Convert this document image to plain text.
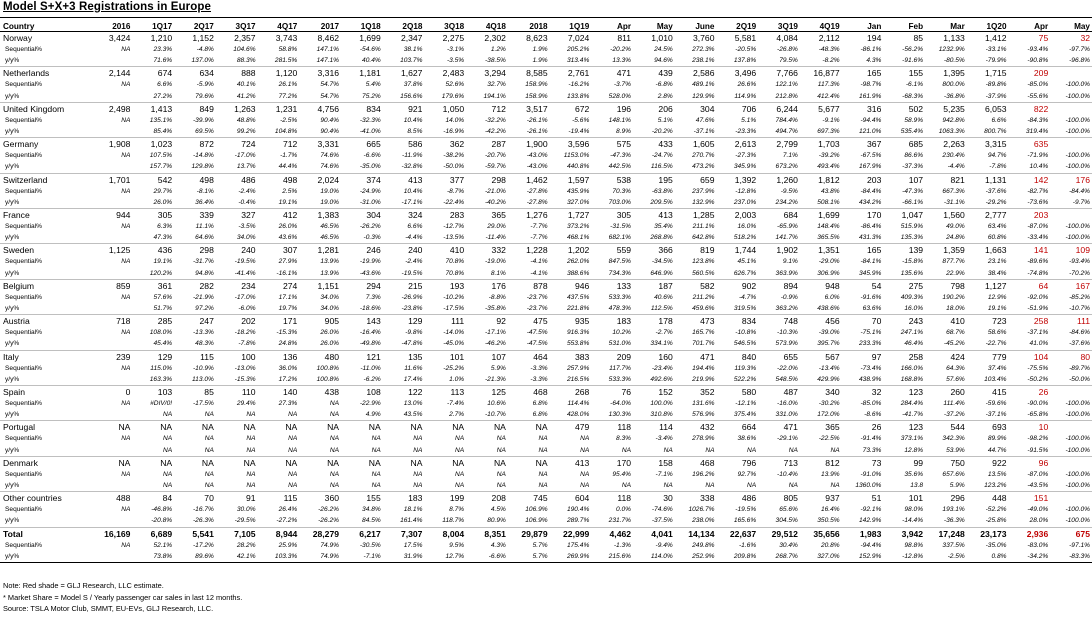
Model S+X+3 Registrations in Europe
Country	2016	1Q17	2Q17	3Q17	4Q17	2017	1Q18	2Q18	3Q18	4Q18	2018	1Q19	Apr	May	June	2Q19	3Q19	4Q19	Jan	Feb	Mar	1Q20	Apr	May
Norway	3,424	1,210	1,152	2,357	3,743	8,462	1,699	2,347	2,275	2,302	8,623	7,024	811	1,010	3,760	5,581	4,084	2,112	194	85	1,133	1,412	75	32
Sequential%	NA	23.3%	-4.8%	104.6%	58.8%	147.1%	-54.6%	38.1%	-3.1%	1.2%	1.9%	205.2%	-20.2%	24.5%	272.3%	-20.5%	-26.8%	-48.3%	-86.1%	-56.2%	1232.9%	-33.1%	-93.4%	-97.7%
y/y%		71.6%	137.0%	88.3%	281.5%	147.1%	40.4%	103.7%	-3.5%	-38.5%	1.9%	313.4%	13.3%	94.6%	238.1%	137.8%	79.5%	-8.2%	4.3%	-91.6%	-80.5%	-79.9%	-90.8%	-96.8%
Netherlands	2,144	674	634	888	1,120	3,316	1,181	1,627	2,483	3,294	8,585	2,761	471	439	2,586	3,496	7,766	16,877	165	155	1,395	1,715	209	
Sequential%	NA	6.6%	-5.9%	40.1%	26.1%	54.7%	5.4%	37.8%	52.6%	32.7%	158.9%	-16.2%	-3.7%	-6.8%	489.1%	26.6%	122.1%	117.3%	-98.7%	-6.1%	800.0%	-89.8%	-85.0%	-100.0%
y/y%		27.2%	79.6%	41.2%	77.2%	54.7%	75.2%	156.6%	179.6%	194.1%	158.9%	133.8%	528.0%	2.8%	129.9%	114.9%	212.8%	412.4%	161.9%	-68.3%	-36.8%	-37.9%	-55.6%	-100.0%
United Kingdom	2,498	1,413	849	1,263	1,231	4,756	834	921	1,050	712	3,517	672	196	206	304	706	6,244	5,677	316	502	5,235	6,053	822	
Sequential%	NA	135.1%	-39.9%	48.8%	-2.5%	90.4%	-32.3%	10.4%	14.0%	-32.2%	-26.1%	-5.6%	148.1%	5.1%	47.6%	5.1%	784.4%	-9.1%	-94.4%	58.9%	942.8%	6.6%	-84.3%	-100.0%
y/y%		85.4%	69.5%	99.2%	104.8%	90.4%	-41.0%	8.5%	-16.9%	-42.2%	-26.1%	-19.4%	8.9%	-20.2%	-37.1%	-23.3%	494.7%	697.3%	121.0%	535.4%	1063.3%	800.7%	319.4%	-100.0%
Germany	1,908	1,023	872	724	712	3,331	665	586	362	287	1,900	3,596	575	433	1,605	2,613	2,799	1,703	367	685	2,263	3,315	635	
Sequential%	NA	107.5%	-14.8%	-17.0%	-1.7%	74.6%	-6.6%	-11.9%	-38.2%	-20.7%	-43.0%	1153.0%	-47.3%	-24.7%	270.7%	-27.3%	7.1%	-39.2%	-67.5%	86.6%	230.4%	94.7%	-71.9%	-100.0%
y/y%		157.7%	129.8%	13.7%	44.4%	74.6%	-35.0%	-32.8%	-50.0%	-59.7%	-43.0%	440.8%	442.5%	116.5%	473.2%	345.9%	673.2%	493.4%	167.9%	-37.3%	-4.4%	-7.8%	10.4%	-100.0%
Switzerland	1,701	542	498	486	498	2,024	374	413	377	298	1,462	1,597	538	195	659	1,392	1,260	1,812	203	107	821	1,131	142	176
Sequential%	NA	29.7%	-8.1%	-2.4%	2.5%	19.0%	-24.9%	10.4%	-8.7%	-21.0%	-27.8%	435.9%	70.3%	-63.8%	237.9%	-12.8%	-9.5%	43.8%	-84.4%	-47.3%	667.3%	-37.6%	-82.7%	-84.4%
y/y%		26.0%	36.4%	-0.4%	19.1%	19.0%	-31.0%	-17.1%	-22.4%	-40.2%	-27.8%	327.0%	703.0%	209.5%	132.9%	237.0%	234.2%	508.1%	434.2%	-66.1%	-31.1%	-29.2%	-73.6%	-9.7%
France	944	305	339	327	412	1,383	304	324	283	365	1,276	1,727	305	413	1,285	2,003	684	1,699	170	1,047	1,560	2,777	203	
Sequential%	NA	6.3%	11.1%	-3.5%	26.0%	46.5%	-26.2%	6.6%	-12.7%	29.0%	-7.7%	373.2%	-31.5%	35.4%	211.1%	16.0%	-65.9%	148.4%	-86.4%	515.9%	49.0%	63.4%	-87.0%	-100.0%
y/y%		47.3%	64.6%	34.0%	43.6%	46.5%	-0.3%	-4.4%	-13.5%	-11.4%	-7.7%	468.1%	682.1%	268.8%	642.8%	518.2%	141.7%	365.5%	431.3%	135.3%	24.8%	60.8%	-33.4%	-100.0%
Sweden	1,125	436	298	240	307	1,281	246	240	410	332	1,228	1,202	559	366	819	1,744	1,902	1,351	165	139	1,359	1,663	141	109
Sequential%	NA	19.1%	-31.7%	-19.5%	27.9%	13.9%	-19.9%	-2.4%	70.8%	-19.0%	-4.1%	262.0%	847.5%	-34.5%	123.8%	45.1%	9.1%	-29.0%	-84.1%	-15.8%	877.7%	23.1%	-89.6%	-93.4%
y/y%		120.2%	94.8%	-41.4%	-16.1%	13.9%	-43.6%	-19.5%	70.8%	8.1%	-4.1%	388.6%	734.3%	646.9%	560.5%	626.7%	363.9%	306.9%	345.9%	135.6%	22.9%	38.4%	-74.8%	-70.2%
Belgium	859	361	282	234	274	1,151	294	215	193	176	878	946	133	187	582	902	894	948	54	275	798	1,127	64	167
Sequential%	NA	57.6%	-21.9%	-17.0%	17.1%	34.0%	7.3%	-26.9%	-10.2%	-8.8%	-23.7%	437.5%	533.3%	40.6%	211.2%	-4.7%	-0.9%	6.0%	-91.6%	409.3%	190.2%	12.9%	-92.0%	-85.2%
y/y%		51.7%	97.2%	-6.0%	19.7%	34.0%	-18.6%	-23.8%	-17.5%	-35.8%	-23.7%	221.8%	478.3%	112.5%	459.6%	319.5%	363.2%	438.6%	63.6%	16.0%	18.0%	19.1%	-51.9%	-10.7%
Austria	718	285	247	202	171	905	143	129	111	92	475	935	183	178	473	834	748	456	70	243	410	723	258	111
Sequential%	NA	108.0%	-13.3%	-18.2%	-15.3%	26.0%	-16.4%	-9.8%	-14.0%	-17.1%	-47.5%	916.3%	10.2%	-2.7%	165.7%	-10.8%	-10.3%	-39.0%	-75.1%	247.1%	68.7%	58.6%	-37.1%	-84.6%
y/y%		45.4%	48.3%	-7.8%	24.8%	26.0%	-49.8%	-47.8%	-45.0%	-46.2%	-47.5%	553.8%	531.0%	334.1%	701.7%	546.5%	573.9%	395.7%	233.3%	46.4%	-45.2%	-22.7%	41.0%	-37.6%
Italy	239	129	115	100	136	480	121	135	101	107	464	383	209	160	471	840	655	567	97	258	424	779	104	80
Sequential%	NA	115.0%	-10.9%	-13.0%	36.0%	100.8%	-11.0%	11.6%	-25.2%	5.9%	-3.3%	257.9%	117.7%	-23.4%	194.4%	119.3%	-22.0%	-13.4%	-73.4%	166.0%	64.3%	37.4%	-75.5%	-89.7%
y/y%		163.3%	113.0%	-15.3%	17.2%	100.8%	-6.2%	17.4%	1.0%	-21.3%	-3.3%	216.5%	533.3%	492.6%	219.9%	522.2%	548.5%	429.9%	438.9%	168.8%	57.6%	103.4%	-50.2%	-50.0%
Spain	0	103	85	110	140	438	108	122	113	125	468	268	76	152	352	580	487	340	32	123	260	415	26	
Sequential%	NA	#DIV/0!	-17.5%	29.4%	27.3%	NA	-22.9%	13.0%	-7.4%	10.6%	6.8%	114.4%	-64.0%	100.0%	131.6%	-12.1%	-16.0%	-30.2%	-85.0%	284.4%	111.4%	-59.6%	-90.0%	-100.0%
y/y%		NA	NA	NA	NA	NA	4.9%	43.5%	2.7%	-10.7%	6.8%	428.0%	130.3%	310.8%	576.9%	375.4%	331.0%	172.0%	-8.6%	-41.7%	-37.2%	-37.1%	-65.8%	-100.0%
Portugal	NA	NA	NA	NA	NA	NA	NA	NA	NA	NA	NA	479	118	114	432	664	471	365	26	123	544	693	10	
Sequential%	NA	NA	NA	NA	NA	NA	NA	NA	NA	NA	NA	NA	8.3%	-3.4%	278.9%	38.6%	-29.1%	-22.5%	-91.4%	373.1%	342.3%	89.9%	-98.2%	-100.0%
y/y%		NA	NA	NA	NA	NA	NA	NA	NA	NA	NA	NA	NA	NA	NA	NA	NA	NA	73.3%	12.8%	53.9%	44.7%	-91.5%	-100.0%
Denmark	NA	NA	NA	NA	NA	NA	NA	NA	NA	NA	NA	413	170	158	468	796	713	812	73	99	750	922	96	
Sequential%	NA	NA	NA	NA	NA	NA	NA	NA	NA	NA	NA	NA	95.4%	-7.1%	196.2%	92.7%	-10.4%	13.9%	-91.0%	35.6%	657.6%	13.5%	-87.0%	-100.0%
y/y%		NA	NA	NA	NA	NA	NA	NA	NA	NA	NA	NA	NA	NA	NA	NA	NA	NA	1360.0%	13.8	5.9%	123.2%	-43.5%	-100.0%
Other countries	488	84	70	91	115	360	155	183	199	208	745	604	118	30	338	486	805	937	51	101	296	448	151	
Sequential%	NA	-46.8%	-16.7%	30.0%	26.4%	-26.2%	34.8%	18.1%	8.7%	4.5%	106.9%	190.4%	0.0%	-74.6%	1026.7%	-19.5%	65.6%	16.4%	-92.1%	98.0%	193.1%	-52.2%	-49.0%	-100.0%
y/y%		-20.8%	-26.3%	-29.5%	-27.2%	-26.2%	84.5%	161.4%	118.7%	80.9%	106.9%	289.7%	231.7%	-37.5%	238.0%	165.6%	304.5%	350.5%	142.9%	-14.4%	-36.3%	-25.8%	28.0%	-100.0%
Total	16,169	6,689	5,541	7,105	8,944	28,279	6,217	7,307	8,004	8,351	29,879	22,999	4,462	4,041	14,134	22,637	29,512	35,656	1,983	3,942	17,248	23,173	2,936	675
Sequential%	NA	52.1%	-17.2%	28.2%	25.9%	74.9%	-30.5%	17.5%	9.5%	4.3%	5.7%	175.4%	-1.3%	-9.4%	249.8%	-1.6%	30.4%	20.8%	-94.4%	98.8%	337.5%	-35.0%	-83.0%	-97.1%
y/y%		73.8%	89.6%	42.1%	103.3%	74.9%	-7.1%	31.9%	12.7%	-6.6%	5.7%	269.9%	215.6%	114.0%	252.9%	209.8%	268.7%	327.0%	152.9%	-12.8%	-2.5%	0.8%	-34.2%	-83.3%
Note: Red shade = GLJ Research, LLC estimate.
* Market Share = Model S / Yearly passenger car sales in last 12 months.
Source: TSLA Motor Club, SMMT, EU-EVs, GLJ Research, LLC.
